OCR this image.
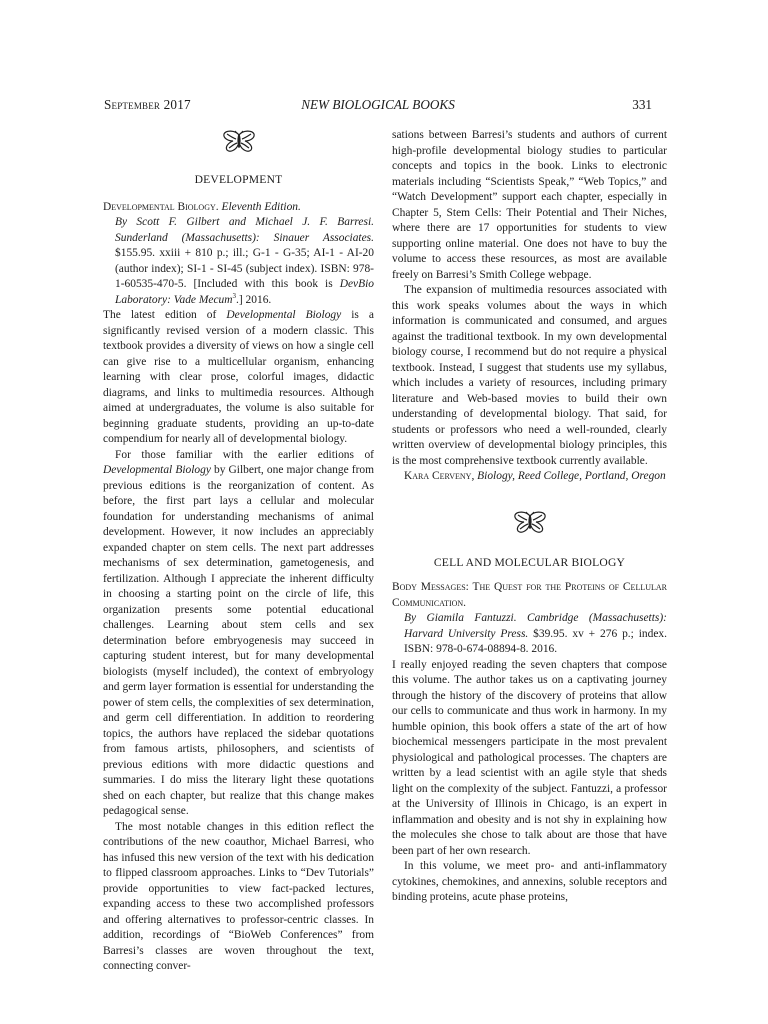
September 2017	NEW BIOLOGICAL BOOKS	331
DEVELOPMENT

Developmental Biology. Eleventh Edition.

By Scott F. Gilbert and Michael J. F. Barresi. Sunderland (Massachusetts): Sinauer Associates. $155.95. xxiii + 810 p.; ill.; G-1 - G-35; AI-1 - AI-20 (author index); SI-1 - SI-45 (subject index). ISBN: 978-1-60535-470-5. [Included with this book is DevBio Laboratory: Vade Mecum$^3$.] 2016.

The latest edition of Developmental Biology is a significantly revised version of a modern classic. This textbook provides a diversity of views on how a single cell can give rise to a multicellular organism, enhancing learning with clear prose, colorful images, didactic diagrams, and links to multimedia resources. Although aimed at undergraduates, the volume is also suitable for beginning graduate students, providing an up-to-date compendium for nearly all of developmental biology.

For those familiar with the earlier editions of Developmental Biology by Gilbert, one major change from previous editions is the reorganization of content. As before, the first part lays a cellular and molecular foundation for understanding mechanisms of animal development. However, it now includes an appreciably expanded chapter on stem cells. The next part addresses mechanisms of sex determination, gametogenesis, and fertilization. Although I appreciate the inherent difficulty in choosing a starting point on the circle of life, this organization presents some potential educational challenges. Learning about stem cells and sex determination before embryogenesis may succeed in capturing student interest, but for many developmental biologists (myself included), the context of embryology and germ layer formation is essential for understanding the power of stem cells, the complexities of sex determination, and germ cell differentiation. In addition to reordering topics, the authors have replaced the sidebar quotations from famous artists, philosophers, and scientists of previous editions with more didactic questions and summaries. I do miss the literary light these quotations shed on each chapter, but realize that this change makes pedagogical sense.

The most notable changes in this edition reflect the contributions of the new coauthor, Michael Barresi, who has infused this new version of the text with his dedication to flipped classroom approaches. Links to “Dev Tutorials” provide opportunities to view fact-packed lectures, expanding access to these two accomplished professors and offering alternatives to professor-centric classes. In addition, recordings of “BioWeb Conferences” from Barresi’s classes are woven throughout the text, connecting conver-

sations between Barresi’s students and authors of current high-profile developmental biology studies to particular concepts and topics in the book. Links to electronic materials including “Scientists Speak,” “Web Topics,” and “Watch Development” support each chapter, especially in Chapter 5, Stem Cells: Their Potential and Their Niches, where there are 17 opportunities for students to view supporting online material. One does not have to buy the volume to access these resources, as most are available freely on Barresi’s Smith College webpage.

The expansion of multimedia resources associated with this work speaks volumes about the ways in which information is communicated and consumed, and argues against the traditional textbook. In my own developmental biology course, I recommend but do not require a physical textbook. Instead, I suggest that students use my syllabus, which includes a variety of resources, including primary literature and Web-based movies to build their own understanding of developmental biology. That said, for students or professors who need a well-rounded, clearly written overview of developmental biology principles, this is the most comprehensive textbook currently available.

Kara Cerveny, Biology, Reed College, Portland, Oregon

CELL AND MOLECULAR BIOLOGY

Body Messages: The Quest for the Proteins of Cellular Communication.

By Giamila Fantuzzi. Cambridge (Massachusetts): Harvard University Press. $39.95. xv + 276 p.; index. ISBN: 978-0-674-08894-8. 2016.

I really enjoyed reading the seven chapters that compose this volume. The author takes us on a captivating journey through the history of the discovery of proteins that allow our cells to communicate and thus work in harmony. In my humble opinion, this book offers a state of the art of how biochemical messengers participate in the most prevalent physiological and pathological processes. The chapters are written by a lead scientist with an agile style that sheds light on the complexity of the subject. Fantuzzi, a professor at the University of Illinois in Chicago, is an expert in inflammation and obesity and is not shy in explaining how the molecules she chose to talk about are those that have been part of her own research.

In this volume, we meet pro- and anti-inflammatory cytokines, chemokines, and annexins, soluble receptors and binding proteins, acute phase proteins,
